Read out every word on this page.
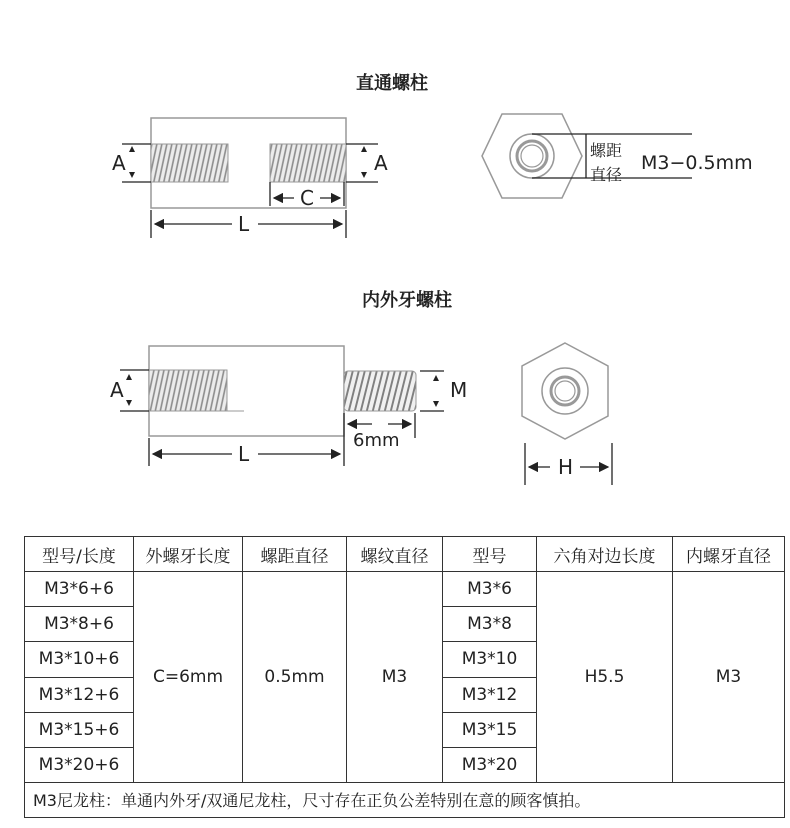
直通螺柱
A	A
C
L
螺距
直径
M3−0.5mm
内外牙螺柱
A	M
6mm
L
H
型号/长度	外螺牙长度	螺距直径	螺纹直径	型号	六角对边长度	内螺牙直径
M3*6+6	C=6mm	0.5mm	M3	M3*6	H5.5	M3
M3*8+6				M3*8		
M3*10+6				M3*10		
M3*12+6				M3*12		
M3*15+6				M3*15		
M3*20+6				M3*20		
M3尼龙柱：单通内外牙/双通尼龙柱，尺寸存在正负公差特别在意的顾客慎拍。						
